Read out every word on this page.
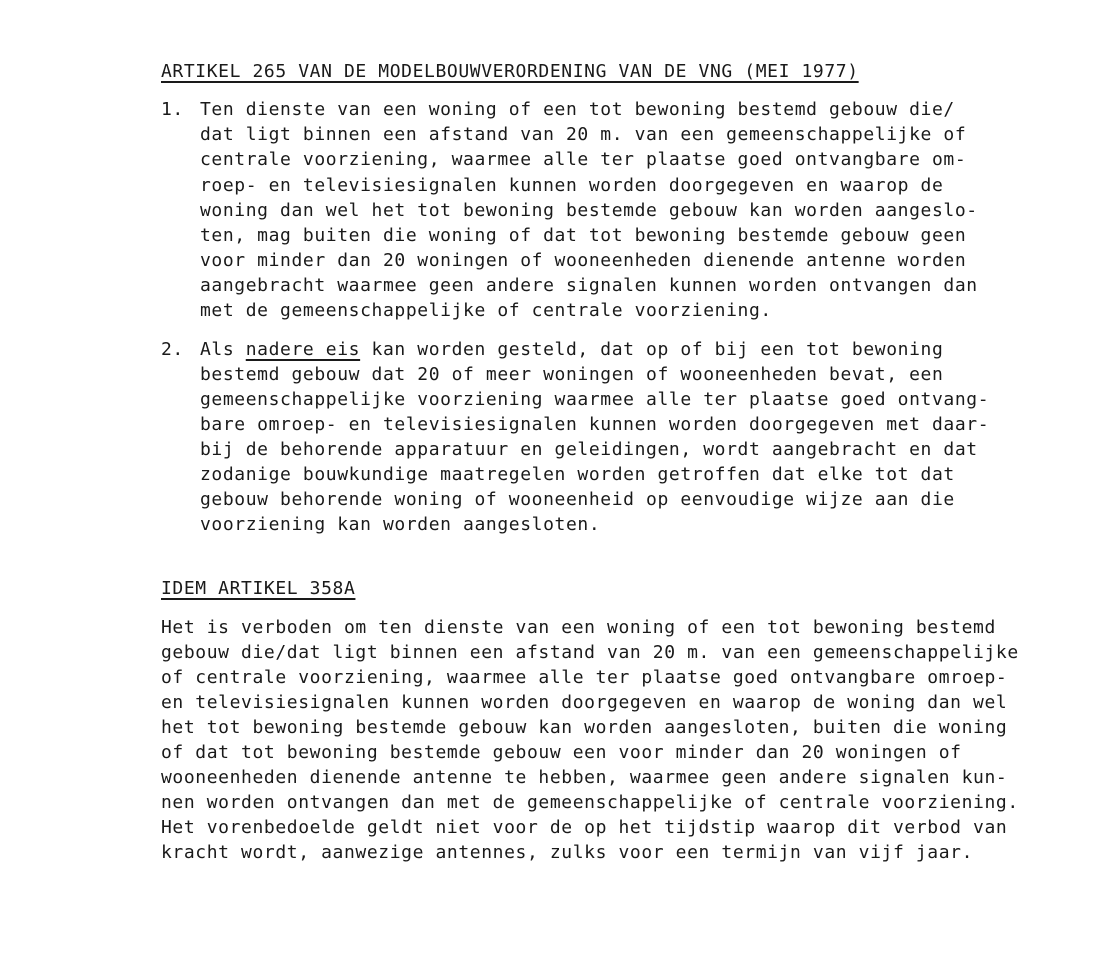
ARTIKEL 265 VAN DE MODELBOUWVERORDENING VAN DE VNG (MEI 1977)
1. Ten dienste van een woning of een tot bewoning bestemd gebouw die/
dat ligt binnen een afstand van 20 m. van een gemeenschappelijke of
centrale voorziening, waarmee alle ter plaatse goed ontvangbare om-
roep- en televisiesignalen kunnen worden doorgegeven en waarop de
woning dan wel het tot bewoning bestemde gebouw kan worden aangeslo-
ten, mag buiten die woning of dat tot bewoning bestemde gebouw geen
voor minder dan 20 woningen of wooneenheden dienende antenne worden
aangebracht waarmee geen andere signalen kunnen worden ontvangen dan
met de gemeenschappelijke of centrale voorziening.
2. Als nadere eis kan worden gesteld, dat op of bij een tot bewoning
bestemd gebouw dat 20 of meer woningen of wooneenheden bevat, een
gemeenschappelijke voorziening waarmee alle ter plaatse goed ontvang-
bare omroep- en televisiesignalen kunnen worden doorgegeven met daar-
bij de behorende apparatuur en geleidingen, wordt aangebracht en dat
zodanige bouwkundige maatregelen worden getroffen dat elke tot dat
gebouw behorende woning of wooneenheid op eenvoudige wijze aan die
voorziening kan worden aangesloten.
IDEM ARTIKEL 358A
Het is verboden om ten dienste van een woning of een tot bewoning bestemd
gebouw die/dat ligt binnen een afstand van 20 m. van een gemeenschappelijke
of centrale voorziening, waarmee alle ter plaatse goed ontvangbare omroep-
en televisiesignalen kunnen worden doorgegeven en waarop de woning dan wel
het tot bewoning bestemde gebouw kan worden aangesloten, buiten die woning
of dat tot bewoning bestemde gebouw een voor minder dan 20 woningen of
wooneenheden dienende antenne te hebben, waarmee geen andere signalen kun-
nen worden ontvangen dan met de gemeenschappelijke of centrale voorziening.
Het vorenbedoelde geldt niet voor de op het tijdstip waarop dit verbod van
kracht wordt, aanwezige antennes, zulks voor een termijn van vijf jaar.
